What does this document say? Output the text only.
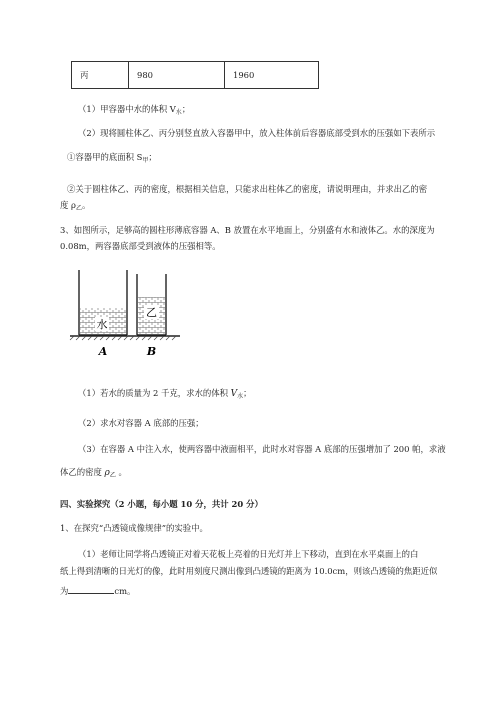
丙	980	1960
（1）甲容器中水的体积 $V_水$；
（2）现将圆柱体乙、丙分别竖直放入容器甲中，放入柱体前后容器底部受到水的压强如下表所示
①容器甲的底面积 $S_甲$；
②关于圆柱体乙、丙的密度，根据相关信息，只能求出柱体乙的密度，请说明理由，并求出乙的密
度 $\rho_乙$。
3、如图所示，足够高的圆柱形薄底容器 A、B 放置在水平地面上，分别盛有水和液体乙。水的深度为
0.08m，两容器底部受到液体的压强相等。
水
乙
A	B
（1）若水的质量为 2 千克，求水的体积 $V_水$；
（2）求水对容器 A 底部的压强；
（3）在容器 A 中注入水，使两容器中液面相平，此时水对容器 A 底部的压强增加了 200 帕，求液
体乙的密度 $\rho_乙$ 。
四、实验探究（2 小题，每小题 10 分，共计 20 分）
1、在探究“凸透镜成像规律”的实验中。
（1）老师让同学将凸透镜正对着天花板上亮着的日光灯并上下移动，直到在水平桌面上的白
纸上得到清晰的日光灯的像，此时用刻度尺测出像到凸透镜的距离为 10.0cm，则该凸透镜的焦距近似
为	cm。
